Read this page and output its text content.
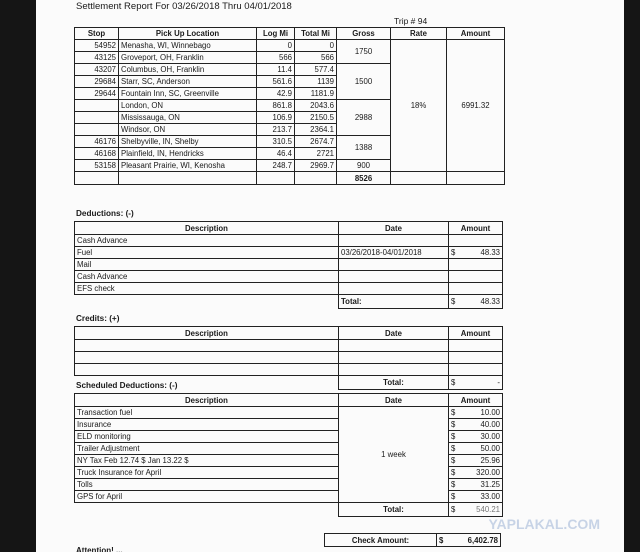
Settlement Report For 03/26/2018 Thru 04/01/2018
Trip # 94
Stop	Pick Up Location	Log Mi	Total Mi	Gross	Rate	Amount
54952	Menasha, WI, Winnebago	0	0	1750	18%	6991.32
43125	Groveport, OH, Franklin	566	566			
43207	Columbus, OH, Franklin	11.4	577.4	1500		
29684	Starr, SC, Anderson	561.6	1139			
29644	Fountain Inn, SC, Greenville	42.9	1181.9			
	London, ON	861.8	2043.6	2988		
	Mississauga, ON	106.9	2150.5			
	Windsor, ON	213.7	2364.1			
46176	Shelbyville, IN, Shelby	310.5	2674.7	1388		
46168	Plainfield, IN, Hendricks	46.4	2721			
53158	Pleasant Prairie, WI, Kenosha	248.7	2969.7	900		
				8526		
Deductions: (-)
Description	Date	Amount
Cash Advance		

Fuel	03/26/2018-04/01/2018	$ 48.33

Mail		

Cash Advance		

EFS check		

	Total:	$ 48.33
Credits: (+)
Description	Date	Amount

	Total:	$ -
Scheduled Deductions: (-)
Description	Date	Amount
Transaction fuel	1 week	$ 10.00

Insurance		$ 40.00

ELD monitoring		$ 30.00

Trailer Adjustment		$ 50.00

NY Tax Feb 12.74 $ Jan 13.22 $		$ 25.96

Truck Insurance for April		$ 320.00

Tolls		$ 31.25

GPS for April		$ 33.00

	Total:	$ 540.21
Check Amount:	$	6,402.78
Attention! ...
YAPLAKAL.COM
